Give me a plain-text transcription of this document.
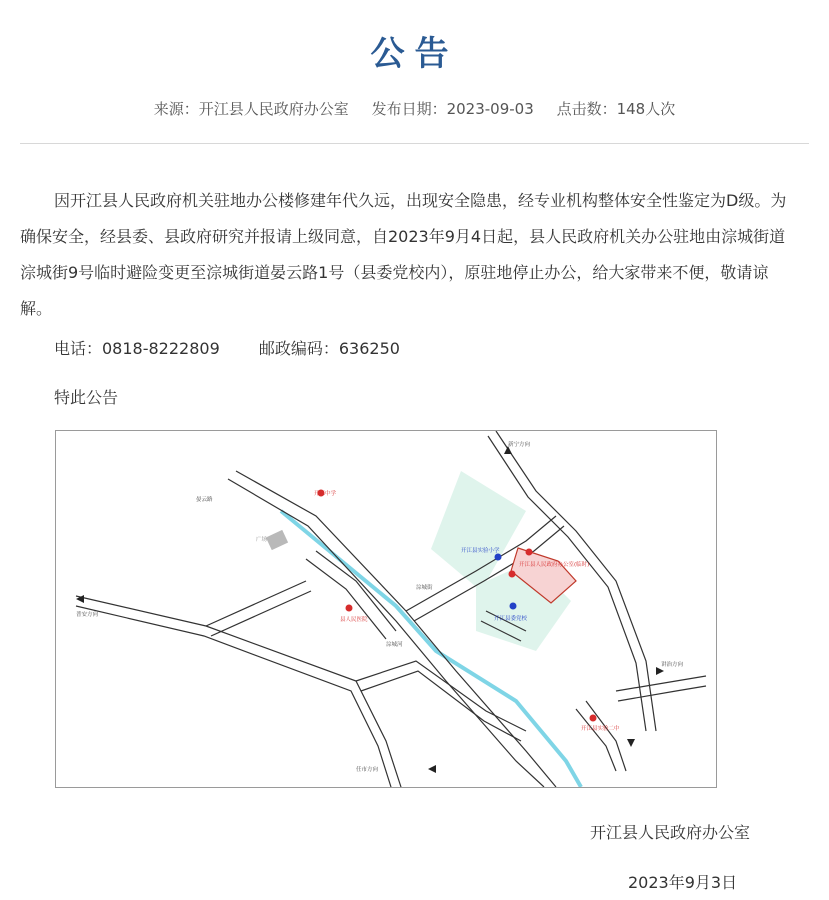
公告
来源：开江县人民政府办公室 发布日期：2023-09-03 点击数：148人次
因开江县人民政府机关驻地办公楼修建年代久远，出现安全隐患，经专业机构整体安全性鉴定为D级。为确保安全，经县委、县政府研究并报请上级同意，自2023年9月4日起，县人民政府机关办公驻地由淙城街道淙城街9号临时避险变更至淙城街道晏云路1号（县委党校内），原驻地停止办公，给大家带来不便，敬请谅解。
电话：0818-8222809 邮政编码：636250
特此公告
开江中学
县人民医院
开江县人民政府办公室(临时)
开江县实验小学
开江县委党校
开江县实验二中
广场
普安方向
新宁方向
讲治方向
任市方向
淙城街
晏云路
淙城河
开江县人民政府办公室
2023年9月3日
